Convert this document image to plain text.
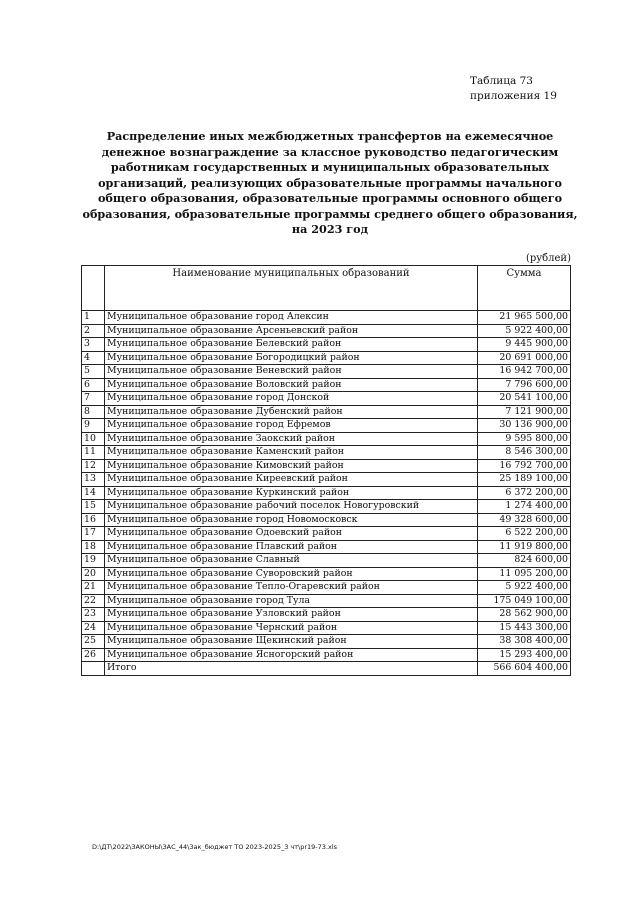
Таблица 73
приложения 19

Распределение иных межбюджетных трансфертов на ежемесячное денежное вознаграждение за классное руководство педагогическим работникам государственных и муниципальных образовательных организаций, реализующих образовательные программы начального общего образования, образовательные программы основного общего образования, образовательные программы среднего общего образования, на 2023 год

(рублей)
	Наименование муниципальных образований	Сумма
1	Муниципальное образование город Алексин	21 965 500,00
2	Муниципальное образование Арсеньевский район	5 922 400,00
3	Муниципальное образование Белевский район	9 445 900,00
4	Муниципальное образование Богородицкий район	20 691 000,00
5	Муниципальное образование Веневский район	16 942 700,00
6	Муниципальное образование Воловский район	7 796 600,00
7	Муниципальное образование город Донской	20 541 100,00
8	Муниципальное образование Дубенский район	7 121 900,00
9	Муниципальное образование город Ефремов	30 136 900,00
10	Муниципальное образование Заокский район	9 595 800,00
11	Муниципальное образование Каменский район	8 546 300,00
12	Муниципальное образование Кимовский район	16 792 700,00
13	Муниципальное образование Киреевский район	25 189 100,00
14	Муниципальное образование Куркинский район	6 372 200,00
15	Муниципальное образование рабочий поселок Новогуровский	1 274 400,00
16	Муниципальное образование город Новомосковск	49 328 600,00
17	Муниципальное образование Одоевский район	6 522 200,00
18	Муниципальное образование Плавский район	11 919 800,00
19	Муниципальное образование Славный	824 600,00
20	Муниципальное образование Суворовский район	11 095 200,00
21	Муниципальное образование Тепло-Огаревский район	5 922 400,00
22	Муниципальное образование город Тула	175 049 100,00
23	Муниципальное образование Узловский район	28 562 900,00
24	Муниципальное образование Чернский район	15 443 300,00
25	Муниципальное образование Щекинский район	38 308 400,00
26	Муниципальное образование Ясногорский район	15 293 400,00
	Итого	566 604 400,00
D:\ДТ\2022\ЗАКОНЫ\ЗАС_44\Зак_бюджет ТО 2023-2025_3 чт\pr19-73.xls
